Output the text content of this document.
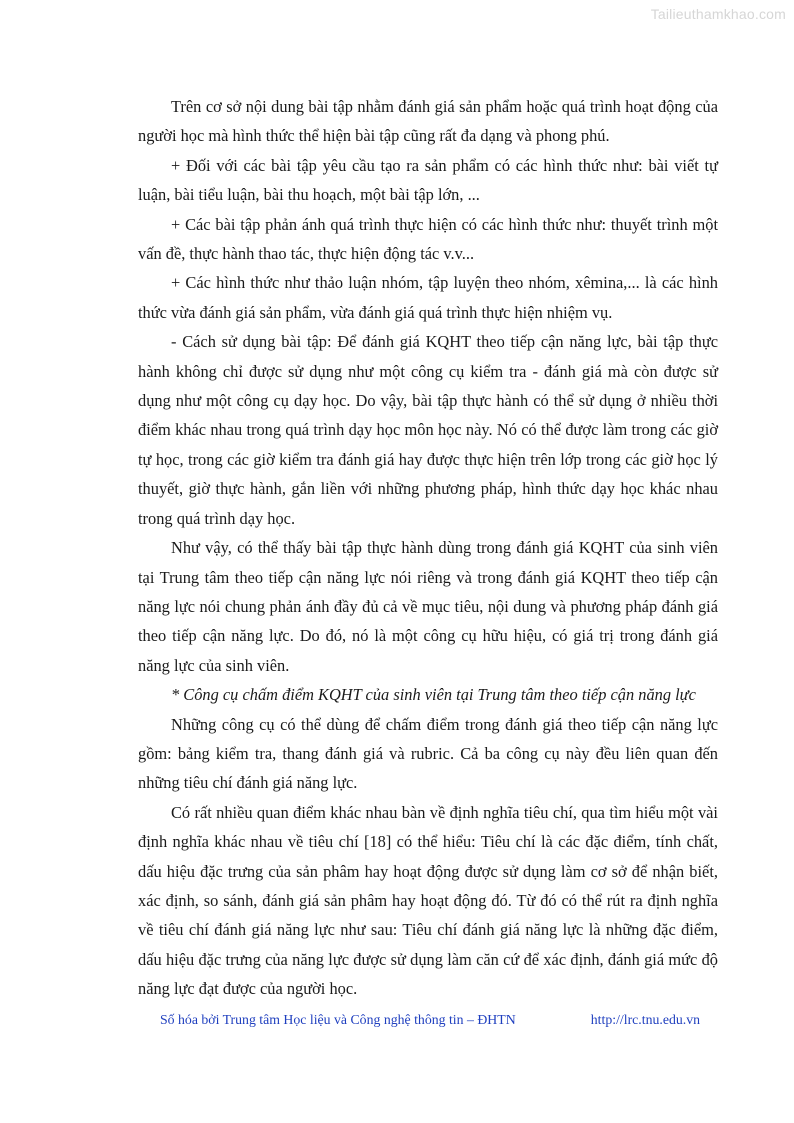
Tailieuthamkhao.com

Trên cơ sở nội dung bài tập nhằm đánh giá sản phẩm hoặc quá trình hoạt động của người học mà hình thức thể hiện bài tập cũng rất đa dạng và phong phú.

+ Đối với các bài tập yêu cầu tạo ra sản phẩm có các hình thức như: bài viết tự luận, bài tiểu luận, bài thu hoạch, một bài tập lớn, ...

+ Các bài tập phản ánh quá trình thực hiện có các hình thức như: thuyết trình một vấn đề, thực hành thao tác, thực hiện động tác v.v...

+ Các hình thức như thảo luận nhóm, tập luyện theo nhóm, xêmina,... là các hình thức vừa đánh giá sản phẩm, vừa đánh giá quá trình thực hiện nhiệm vụ.

- Cách sử dụng bài tập: Để đánh giá KQHT theo tiếp cận năng lực, bài tập thực hành không chỉ được sử dụng như một công cụ kiểm tra - đánh giá mà còn được sử dụng như một công cụ dạy học. Do vậy, bài tập thực hành có thể sử dụng ở nhiều thời điểm khác nhau trong quá trình dạy học môn học này. Nó có thể được làm trong các giờ tự học, trong các giờ kiểm tra đánh giá hay được thực hiện trên lớp trong các giờ học lý thuyết, giờ thực hành, gắn liền với những phương pháp, hình thức dạy học khác nhau trong quá trình dạy học.

Như vậy, có thể thấy bài tập thực hành dùng trong đánh giá KQHT của sinh viên tại Trung tâm theo tiếp cận năng lực nói riêng và trong đánh giá KQHT theo tiếp cận năng lực nói chung phản ánh đầy đủ cả về mục tiêu, nội dung và phương pháp đánh giá theo tiếp cận năng lực. Do đó, nó là một công cụ hữu hiệu, có giá trị trong đánh giá năng lực của sinh viên.

* Công cụ chấm điểm KQHT của sinh viên tại Trung tâm theo tiếp cận năng lực

Những công cụ có thể dùng để chấm điểm trong đánh giá theo tiếp cận năng lực gồm: bảng kiểm tra, thang đánh giá và rubric. Cả ba công cụ này đều liên quan đến những tiêu chí đánh giá năng lực.

Có rất nhiều quan điểm khác nhau bàn về định nghĩa tiêu chí, qua tìm hiểu một vài định nghĩa khác nhau về tiêu chí [18] có thể hiểu: Tiêu chí là các đặc điểm, tính chất, dấu hiệu đặc trưng của sản phâm hay hoạt động được sử dụng làm cơ sở để nhận biết, xác định, so sánh, đánh giá sản phâm hay hoạt động đó. Từ đó có thể rút ra định nghĩa về tiêu chí đánh giá năng lực như sau: Tiêu chí đánh giá năng lực là những đặc điểm, dấu hiệu đặc trưng của năng lực được sử dụng làm căn cứ để xác định, đánh giá mức độ năng lực đạt được của người học.

Số hóa bởi Trung tâm Học liệu và Công nghệ thông tin – ĐHTN	http://lrc.tnu.edu.vn
